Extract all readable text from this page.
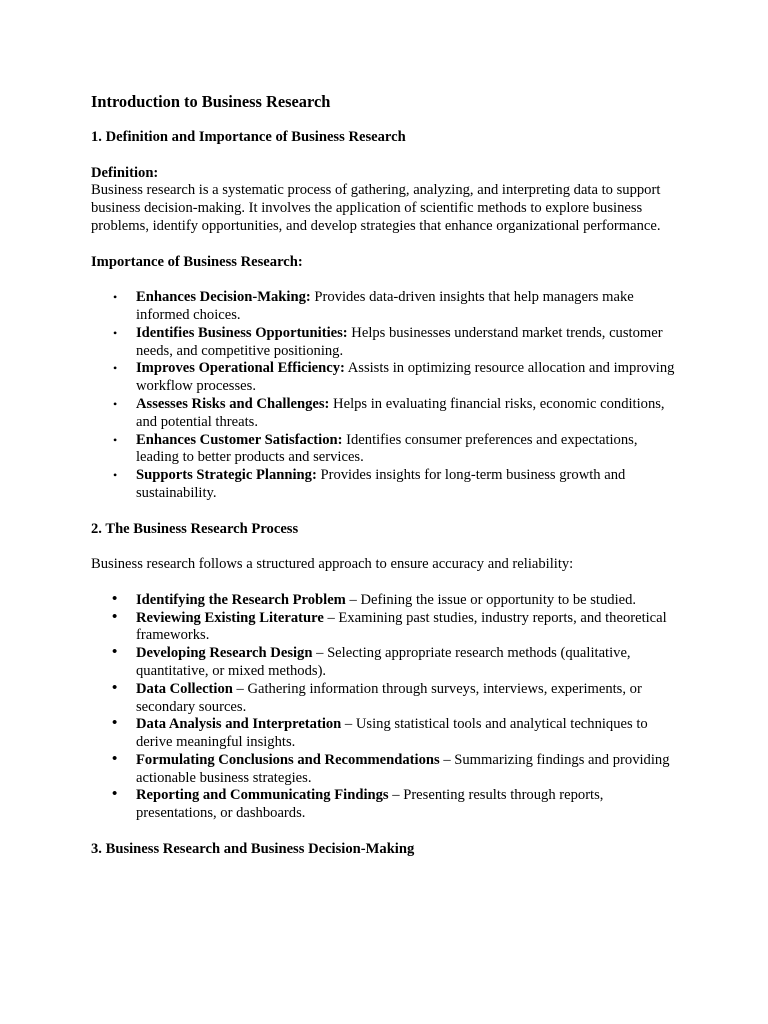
Introduction to Business Research
1. Definition and Importance of Business Research
Definition:

Business research is a systematic process of gathering, analyzing, and interpreting data to support business decision-making. It involves the application of scientific methods to explore business problems, identify opportunities, and develop strategies that enhance organizational performance.

Importance of Business Research:
• Enhances Decision-Making: Provides data-driven insights that help managers make informed choices.
• Identifies Business Opportunities: Helps businesses understand market trends, customer needs, and competitive positioning.
• Improves Operational Efficiency: Assists in optimizing resource allocation and improving workflow processes.
• Assesses Risks and Challenges: Helps in evaluating financial risks, economic conditions, and potential threats.
• Enhances Customer Satisfaction: Identifies consumer preferences and expectations, leading to better products and services.
• Supports Strategic Planning: Provides insights for long-term business growth and sustainability.
2. The Business Research Process

Business research follows a structured approach to ensure accuracy and reliability:

• Identifying the Research Problem – Defining the issue or opportunity to be studied.
• Reviewing Existing Literature – Examining past studies, industry reports, and theoretical frameworks.
• Developing Research Design – Selecting appropriate research methods (qualitative, quantitative, or mixed methods).
• Data Collection – Gathering information through surveys, interviews, experiments, or secondary sources.
• Data Analysis and Interpretation – Using statistical tools and analytical techniques to derive meaningful insights.
• Formulating Conclusions and Recommendations – Summarizing findings and providing actionable business strategies.
• Reporting and Communicating Findings – Presenting results through reports, presentations, or dashboards.
3. Business Research and Business Decision-Making
